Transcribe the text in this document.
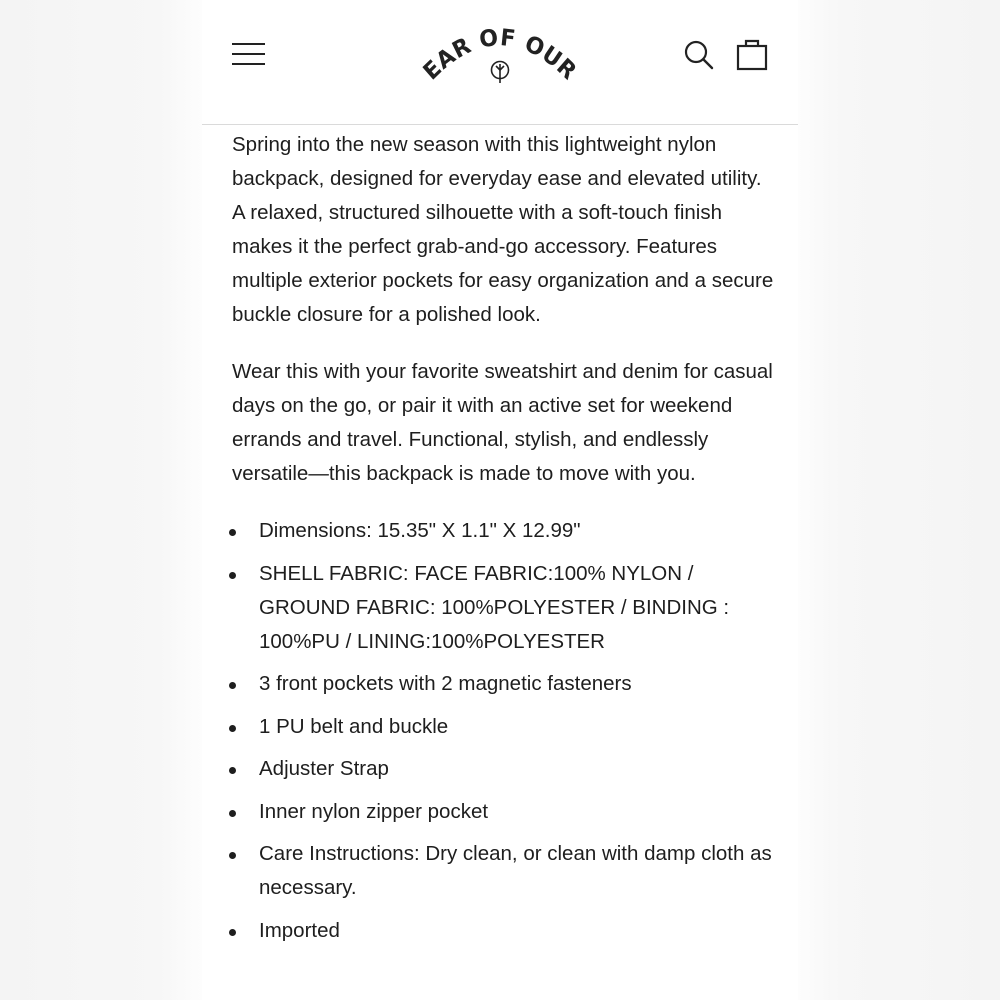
EAR OF OUR

Spring into the new season with this lightweight nylon backpack, designed for everyday ease and elevated utility. A relaxed, structured silhouette with a soft-touch finish makes it the perfect grab-and-go accessory. Features multiple exterior pockets for easy organization and a secure buckle closure for a polished look.

Wear this with your favorite sweatshirt and denim for casual days on the go, or pair it with an active set for weekend errands and travel. Functional, stylish, and endlessly versatile—this backpack is made to move with you.

Dimensions: 15.35" X 1.1" X 12.99"
SHELL FABRIC: FACE FABRIC:100% NYLON / GROUND FABRIC: 100%POLYESTER / BINDING : 100%PU / LINING:100%POLYESTER
3 front pockets with 2 magnetic fasteners
1 PU belt and buckle
Adjuster Strap
Inner nylon zipper pocket
Care Instructions: Dry clean, or clean with damp cloth as necessary.
Imported
